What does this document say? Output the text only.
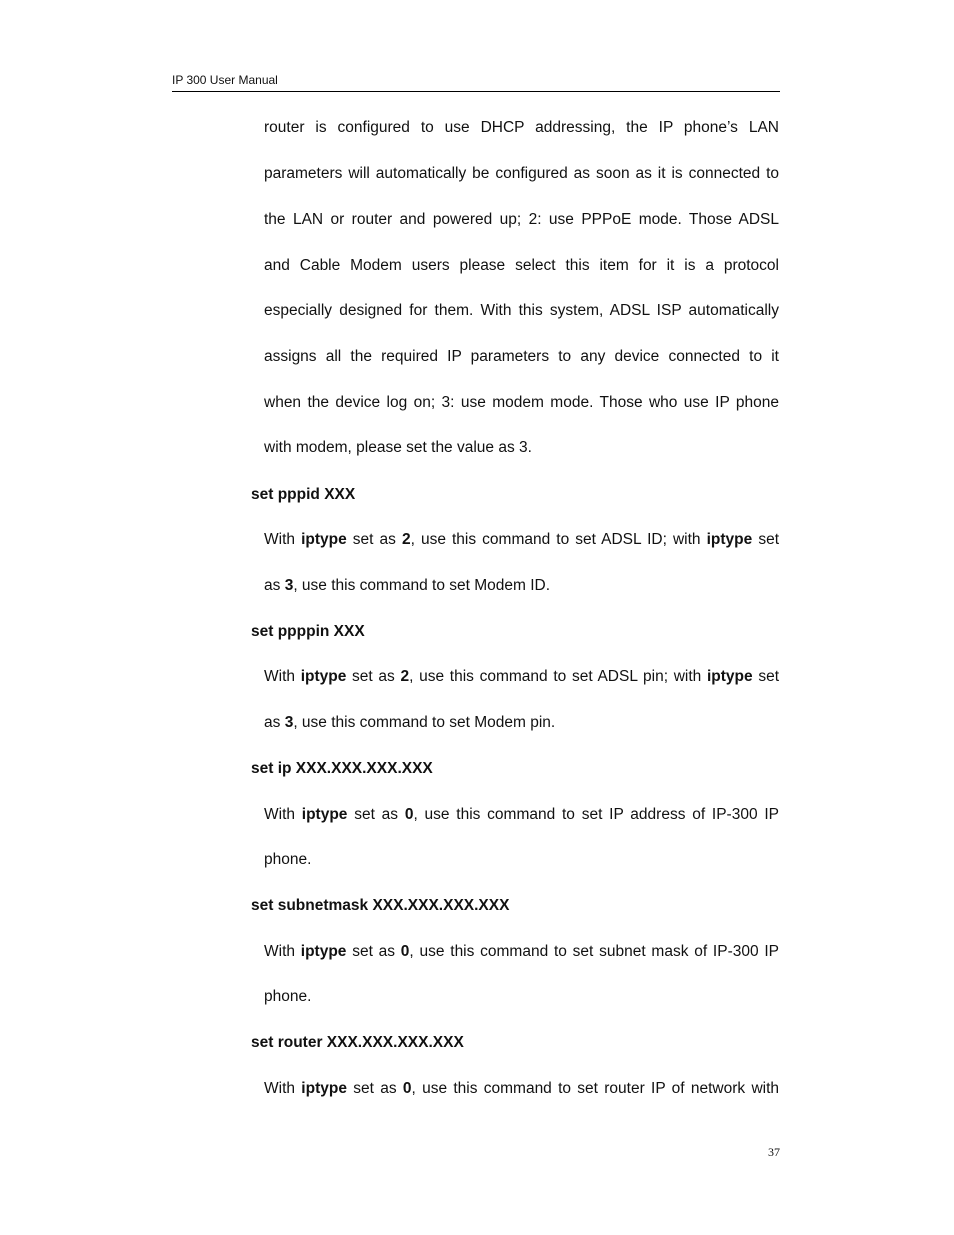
IP 300 User Manual

router is configured to use DHCP addressing, the IP phone’s LAN

parameters will automatically be configured as soon as it is connected to

the LAN or router and powered up; 2: use PPPoE mode. Those ADSL

and Cable Modem users please select this item for it is a protocol

especially designed for them. With this system, ADSL ISP automatically

assigns all the required IP parameters to any device connected to it

when the device log on; 3: use modem mode. Those who use IP phone

with modem, please set the value as 3.

set pppid XXX

With iptype set as 2, use this command to set ADSL ID; with iptype set

as 3, use this command to set Modem ID.

set ppppin XXX

With iptype set as 2, use this command to set ADSL pin; with iptype set

as 3, use this command to set Modem pin.

set ip XXX.XXX.XXX.XXX

With iptype set as 0, use this command to set IP address of IP-300 IP

phone.

set subnetmask XXX.XXX.XXX.XXX

With iptype set as 0, use this command to set subnet mask of IP-300 IP

phone.

set router XXX.XXX.XXX.XXX

With iptype set as 0, use this command to set router IP of network with

37
